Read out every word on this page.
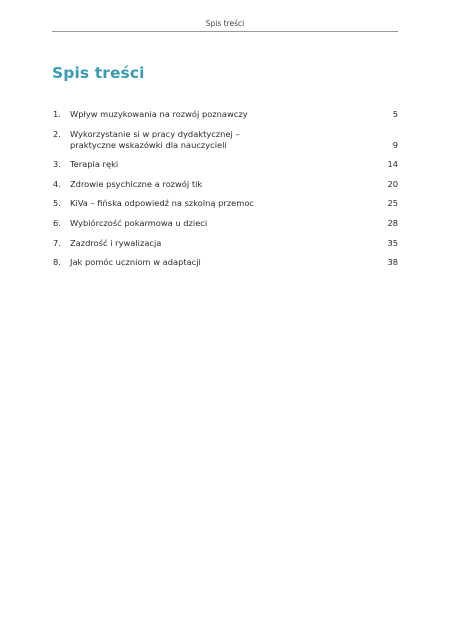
Spis treści
Spis treści
1.	Wpływ muzykowania na rozwój poznawczy	5
2.	Wykorzystanie si w pracy dydaktycznej –
praktyczne wskazówki dla nauczycieli	9
3.	Terapia ręki	14
4.	Zdrowie psychiczne a rozwój tik	20
5.	KiVa – fińska odpowiedź na szkolną przemoc	25
6.	Wybiórczość pokarmowa u dzieci	28
7.	Zazdrość i rywalizacja	35
8.	Jak pomóc uczniom w adaptacji	38
